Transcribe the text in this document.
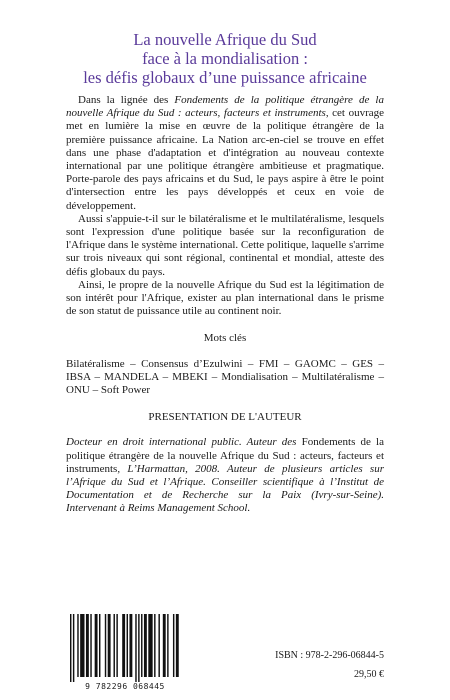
La nouvelle Afrique du Sud
face à la mondialisation :
les défis globaux d’une puissance africaine

Dans la lignée des Fondements de la politique étrangère de la nouvelle Afrique du Sud : acteurs, facteurs et instruments, cet ouvrage met en lumière la mise en œuvre de la politique étrangère de la première puissance africaine. La Nation arc-en-ciel se trouve en effet dans une phase d'adaptation et d'intégration au nouveau contexte international par une politique étrangère ambitieuse et pragmatique. Porte-parole des pays africains et du Sud, le pays aspire à être le point d'intersection entre les pays développés et ceux en voie de développement.

Aussi s'appuie-t-il sur le bilatéralisme et le multilatéralisme, lesquels sont l'expression d'une politique basée sur la reconfiguration de l'Afrique dans le système international. Cette politique, laquelle s'arrime sur trois niveaux qui sont régional, continental et mondial, atteste des défis globaux du pays.

Ainsi, le propre de la nouvelle Afrique du Sud est la légitimation de son intérêt pour l'Afrique, exister au plan international dans le prisme de son statut de puissance utile au continent noir.

Mots clés

Bilatéralisme – Consensus d’Ezulwini – FMI – GAOMC – GES – IBSA – MANDELA – MBEKI – Mondialisation – Multilatéralisme – ONU – Soft Power

PRESENTATION DE L'AUTEUR

Docteur en droit international public. Auteur des Fondements de la politique étrangère de la nouvelle Afrique du Sud : acteurs, facteurs et instruments, L’Harmattan, 2008. Auteur de plusieurs articles sur l’Afrique du Sud et l’Afrique. Conseiller scientifique à l’Institut de Documentation et de Recherche sur la Paix (Ivry-sur-Seine). Intervenant à Reims Management School.

9 782296 068445
ISBN : 978-2-296-06844-5
29,50 €
